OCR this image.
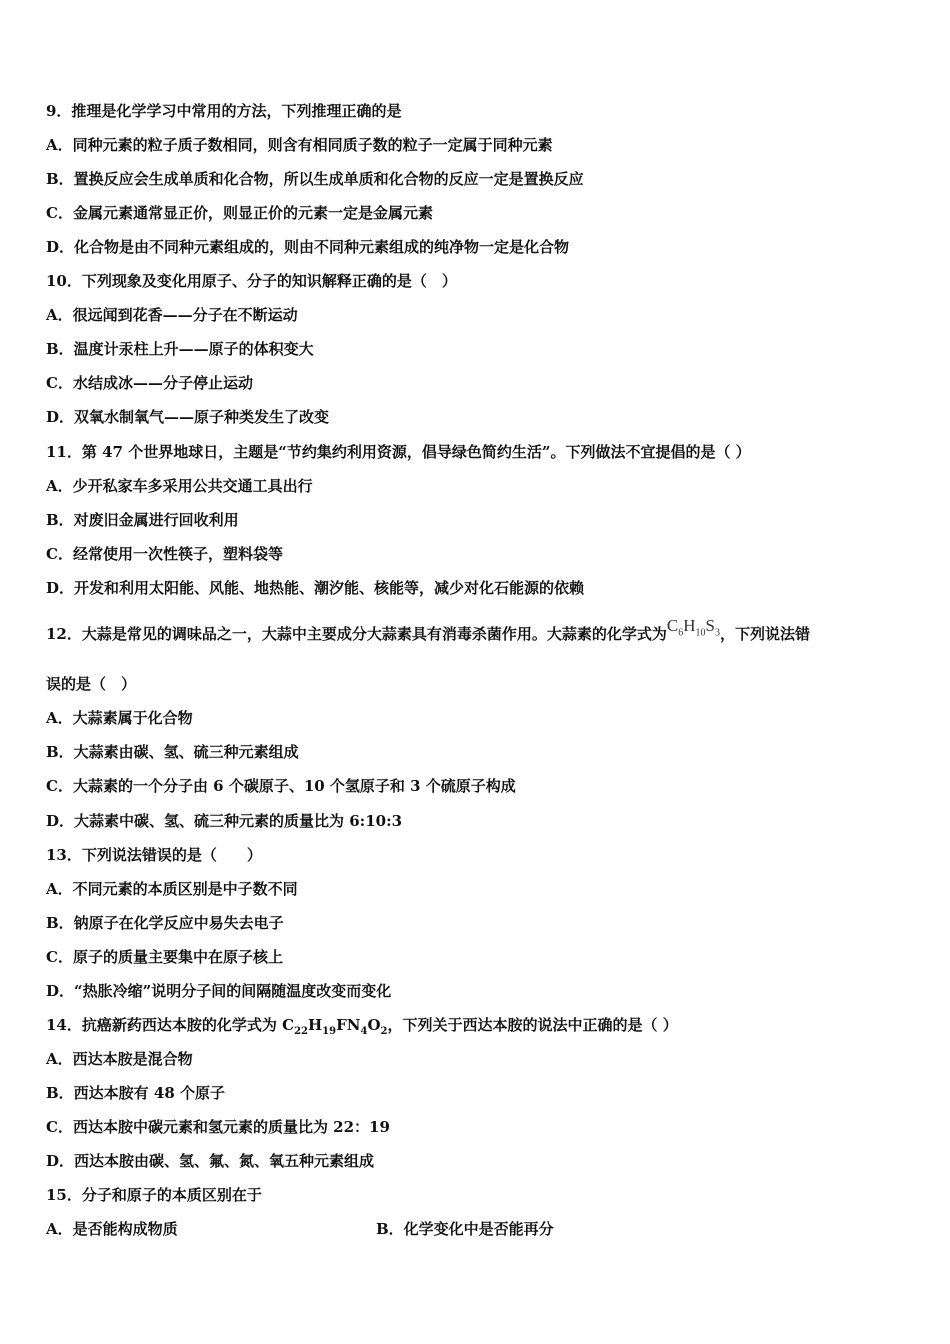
9．推理是化学学习中常用的方法，下列推理正确的是
A．同种元素的粒子质子数相同，则含有相同质子数的粒子一定属于同种元素
B．置换反应会生成单质和化合物，所以生成单质和化合物的反应一定是置换反应
C．金属元素通常显正价，则显正价的元素一定是金属元素
D．化合物是由不同种元素组成的，则由不同种元素组成的纯净物一定是化合物
10．下列现象及变化用原子、分子的知识解释正确的是（　）
A．很远闻到花香——分子在不断运动
B．温度计汞柱上升——原子的体积变大
C．水结成冰——分子停止运动
D．双氧水制氧气——原子种类发生了改变
11．第 47 个世界地球日，主题是“节约集约利用资源，倡导绿色简约生活”。下列做法不宜提倡的是（ ）
A．少开私家车多采用公共交通工具出行
B．对废旧金属进行回收利用
C．经常使用一次性筷子，塑料袋等
D．开发和利用太阳能、风能、地热能、潮汐能、核能等，减少对化石能源的依赖
12．大蒜是常见的调味品之一，大蒜中主要成分大蒜素具有消毒杀菌作用。大蒜素的化学式为$C_6H_{10}S_3$，下列说法错
误的是（　）
A．大蒜素属于化合物
B．大蒜素由碳、氢、硫三种元素组成
C．大蒜素的一个分子由 6 个碳原子、10 个氢原子和 3 个硫原子构成
D．大蒜素中碳、氢、硫三种元素的质量比为 6:10:3
13．下列说法错误的是（　　）
A．不同元素的本质区别是中子数不同
B．钠原子在化学反应中易失去电子
C．原子的质量主要集中在原子核上
D．“热胀冷缩”说明分子间的间隔随温度改变而变化
14．抗癌新药西达本胺的化学式为 $C_{22}H_{19}FN_4O_2$，下列关于西达本胺的说法中正确的是（ ）
A．西达本胺是混合物
B．西达本胺有 48 个原子
C．西达本胺中碳元素和氢元素的质量比为 22：19
D．西达本胺由碳、氢、氟、氮、氧五种元素组成
15．分子和原子的本质区别在于
A．是否能构成物质	B．化学变化中是否能再分
